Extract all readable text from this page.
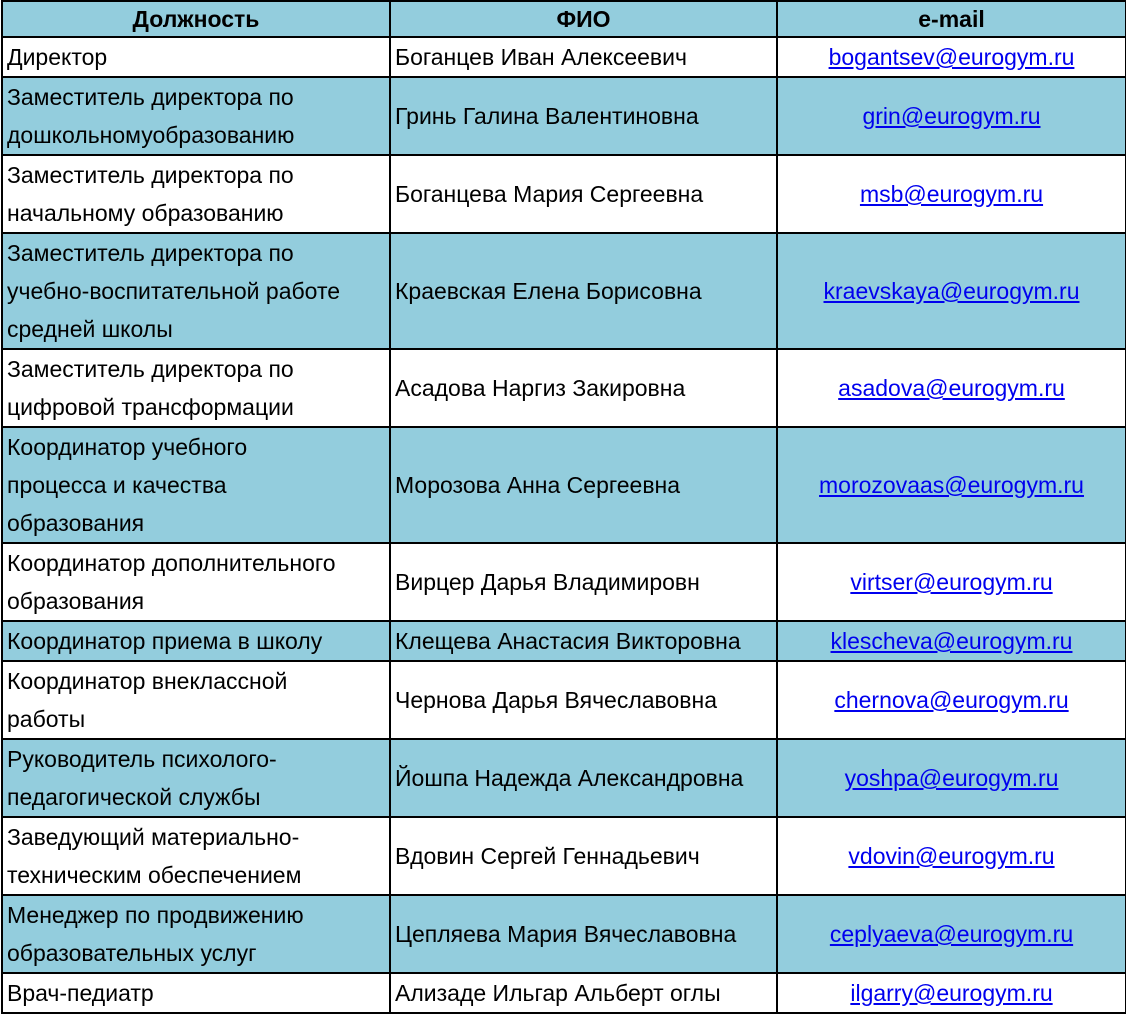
Должность	ФИО	e-mail

Директор	Боганцев Иван Алексеевич	bogantsev@eurogym.ru

Заместитель директора по
дошкольномуобразованию	Гринь Галина Валентиновна	grin@eurogym.ru

Заместитель директора по
начальному образованию	Боганцева Мария Сергеевна	msb@eurogym.ru

Заместитель директора по
учебно-воспитательной работе
средней школы	Краевская Елена Борисовна	kraevskaya@eurogym.ru

Заместитель директора по
цифровой трансформации	Асадова Наргиз Закировна	asadova@eurogym.ru

Координатор учебного
процесса и качества
образования	Морозова Анна Сергеевна	morozovaas@eurogym.ru

Координатор дополнительного
образования	Вирцер Дарья Владимировн	virtser@eurogym.ru

Координатор приема в школу	Клещева Анастасия Викторовна	klescheva@eurogym.ru

Координатор внеклассной
работы	Чернова Дарья Вячеславовна	chernova@eurogym.ru

Руководитель психолого-
педагогической службы	Йошпа Надежда Александровна	yoshpa@eurogym.ru

Заведующий материально-
техническим обеспечением	Вдовин Сергей Геннадьевич	vdovin@eurogym.ru

Менеджер по продвижению
образовательных услуг	Цепляева Мария Вячеславовна	ceplyaeva@eurogym.ru

Врач-педиатр	Ализаде Ильгар Альберт оглы	ilgarry@eurogym.ru
